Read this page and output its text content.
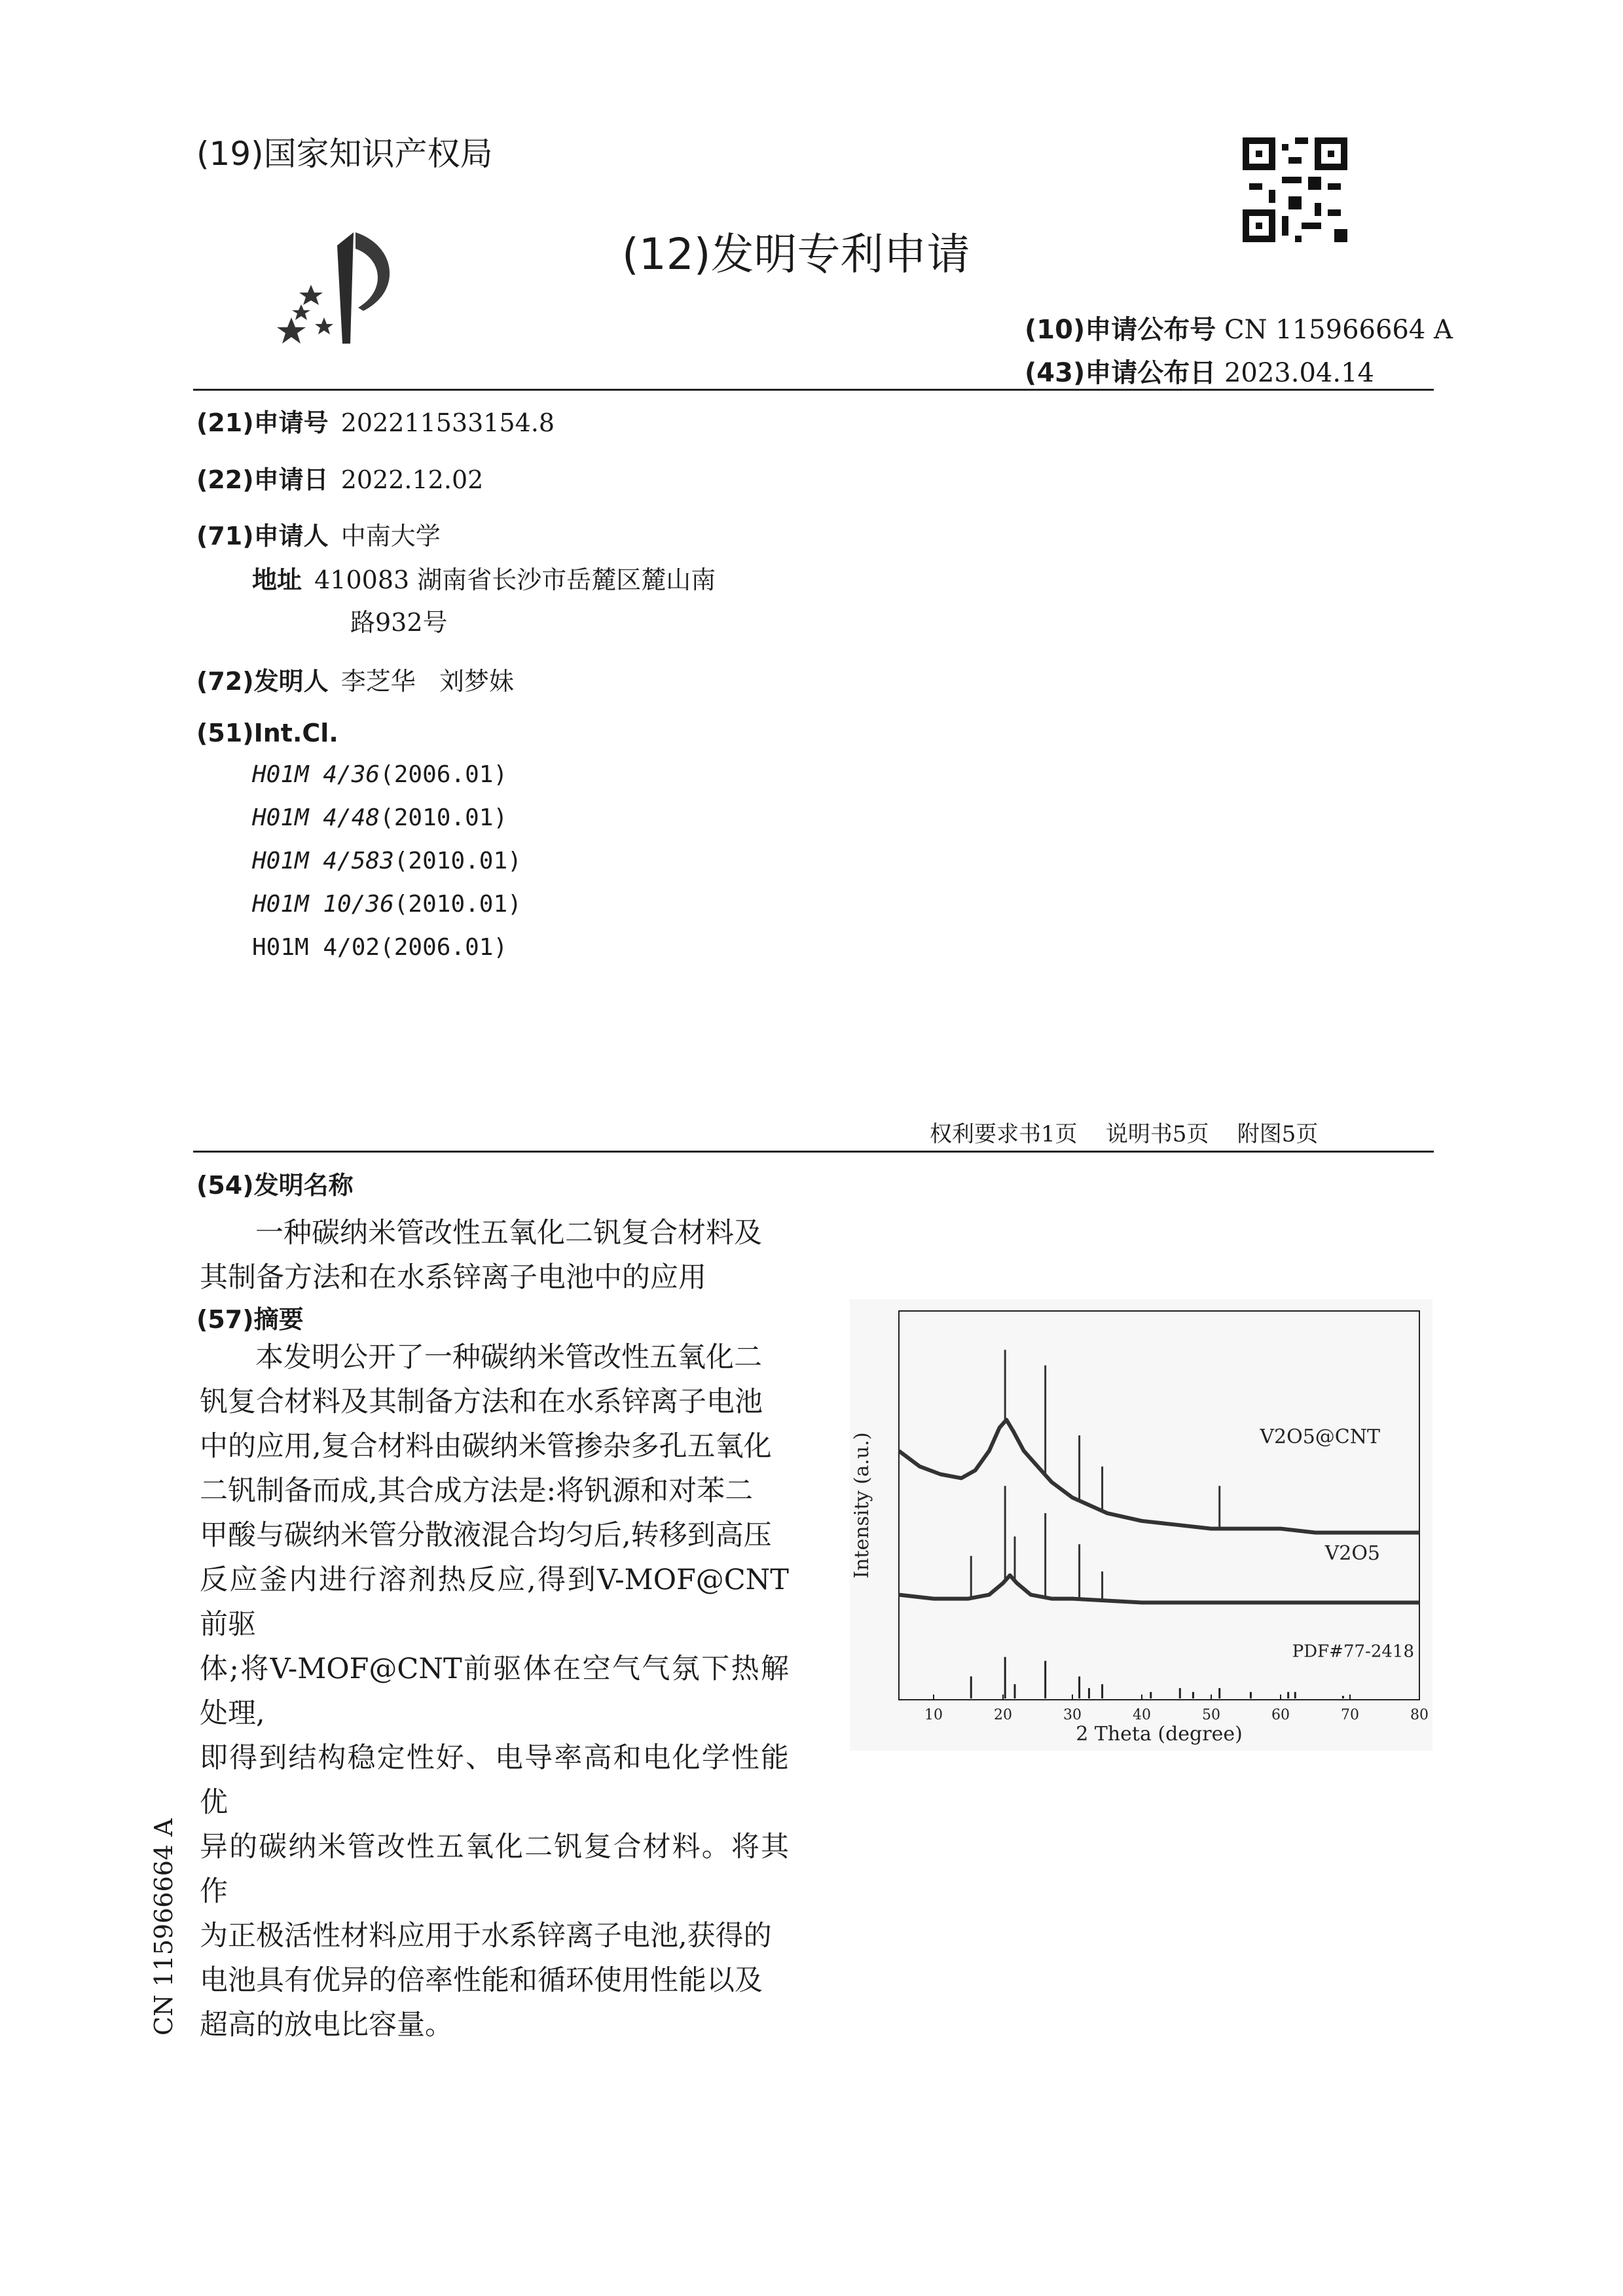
(19)国家知识产权局
(12)发明专利申请
(10)申请公布号 CN 115966664 A
(43)申请公布日 2023.04.14
(21)申请号 202211533154.8
(22)申请日 2022.12.02
(71)申请人 中南大学
地址 410083 湖南省长沙市岳麓区麓山南
路932号
(72)发明人 李芝华   刘梦妹
(51)Int.Cl.
H01M 4/36(2006.01)
H01M 4/48(2010.01)
H01M 4/583(2010.01)
H01M 10/36(2010.01)
H01M 4/02(2006.01)
权利要求书1页    说明书5页    附图5页
(54)发明名称
一种碳纳米管改性五氧化二钒复合材料及
其制备方法和在水系锌离子电池中的应用
(57)摘要
本发明公开了一种碳纳米管改性五氧化二
钒复合材料及其制备方法和在水系锌离子电池
中的应用,复合材料由碳纳米管掺杂多孔五氧化
二钒制备而成,其合成方法是:将钒源和对苯二
甲酸与碳纳米管分散液混合均匀后,转移到高压
反应釜内进行溶剂热反应,得到V-MOF@CNT前驱
体;将V-MOF@CNT前驱体在空气气氛下热解处理,
即得到结构稳定性好、电导率高和电化学性能优
异的碳纳米管改性五氧化二钒复合材料。将其作
为正极活性材料应用于水系锌离子电池,获得的
电池具有优异的倍率性能和循环使用性能以及
超高的放电比容量。
CN 115966664 A
10	20	30	40	50	60	70	80
2 Theta (degree)
Intensity (a.u.)	V2O5@CNT
V2O5
PDF#77-2418
